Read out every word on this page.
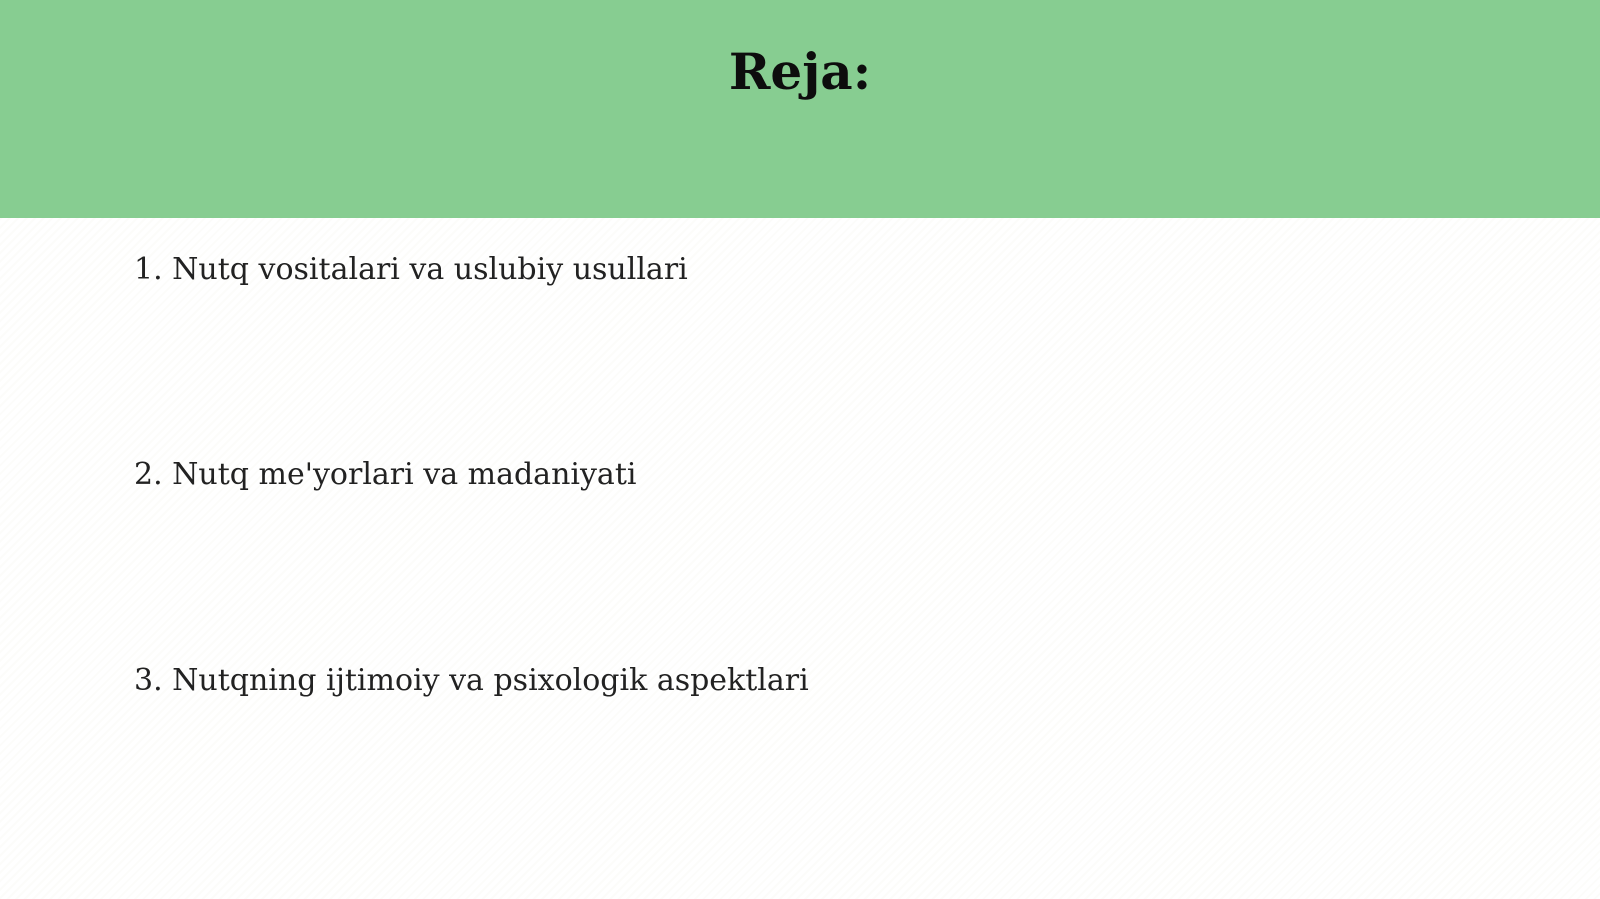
Reja:
1. Nutq vositalari va uslubiy usullari
2. Nutq me'yorlari va madaniyati
3. Nutqning ijtimoiy va psixologik aspektlari
